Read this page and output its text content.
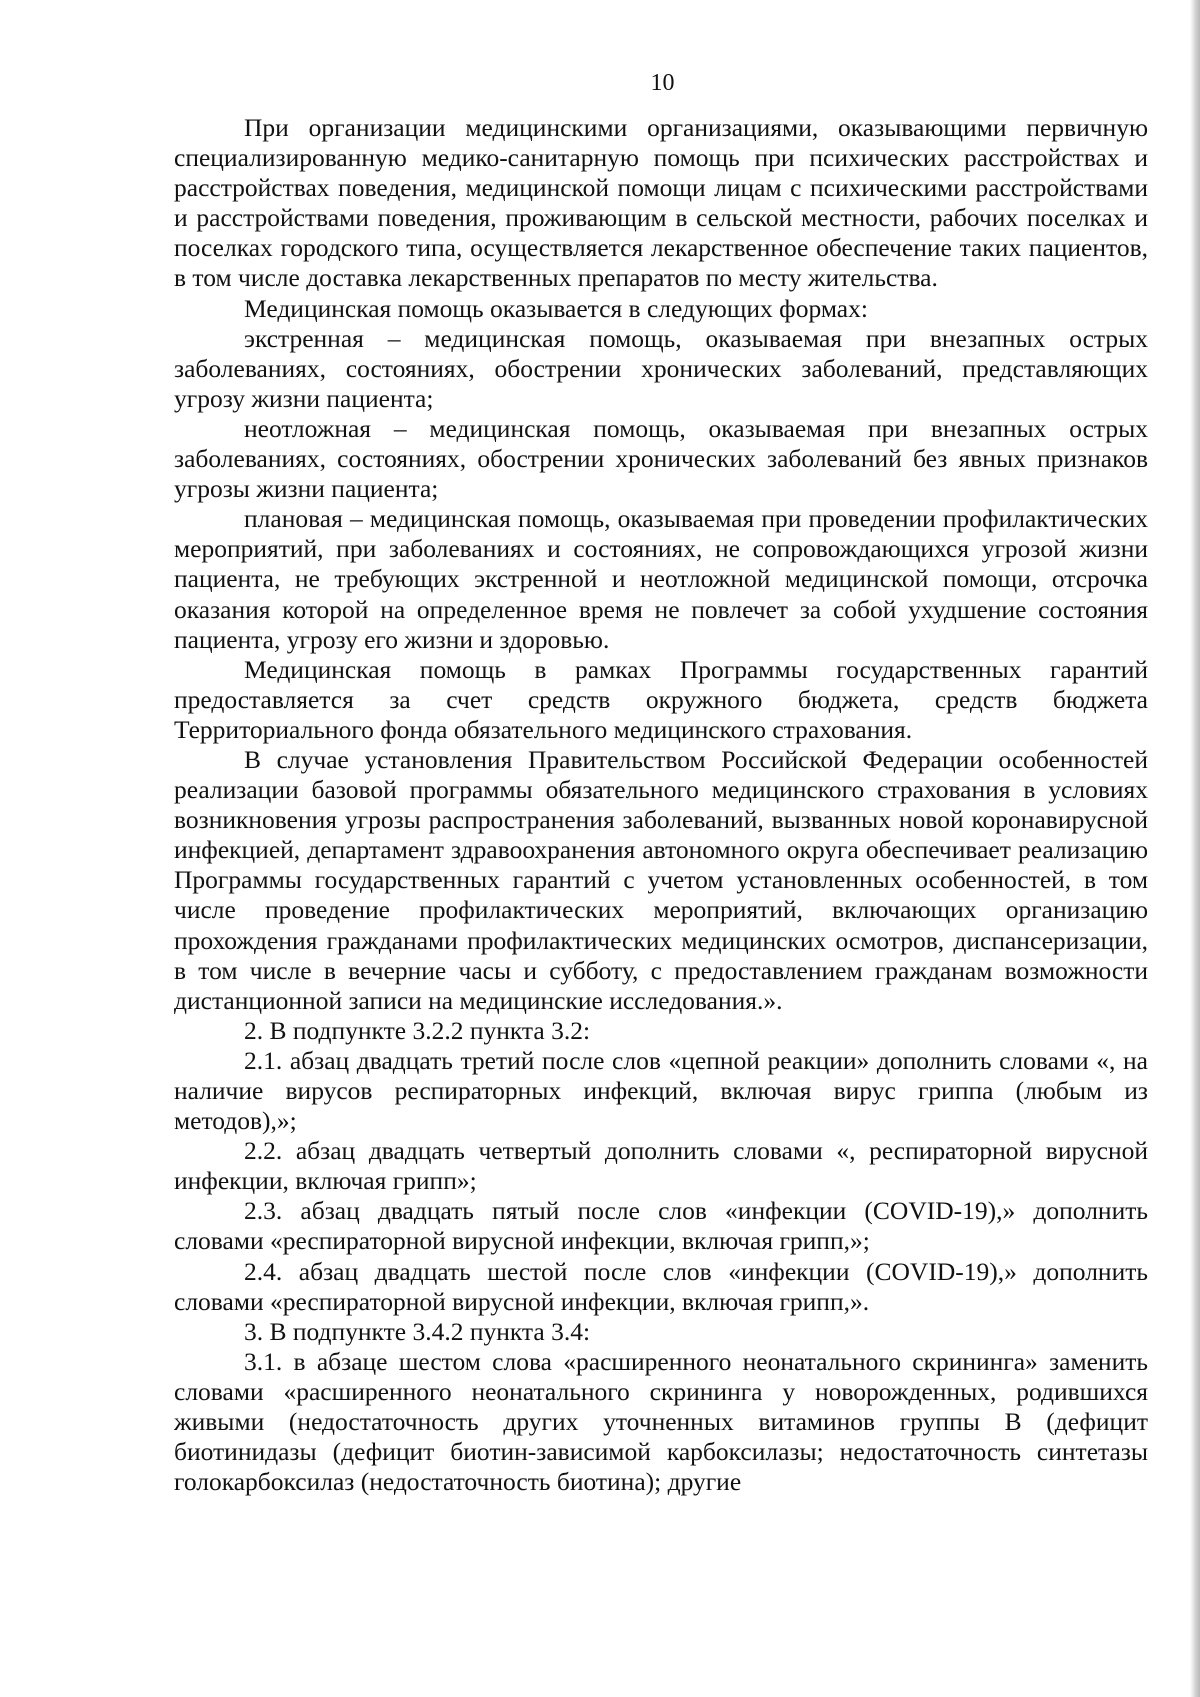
10

При организации медицинскими организациями, оказывающими первичную специализированную медико-санитарную помощь при психических расстройствах и расстройствах поведения, медицинской помощи лицам с психическими расстройствами и расстройствами поведения, проживающим в сельской местности, рабочих поселках и поселках городского типа, осуществляется лекарственное обеспечение таких пациентов, в том числе доставка лекарственных препаратов по месту жительства.

Медицинская помощь оказывается в следующих формах:

экстренная – медицинская помощь, оказываемая при внезапных острых заболеваниях, состояниях, обострении хронических заболеваний, представляющих угрозу жизни пациента;

неотложная – медицинская помощь, оказываемая при внезапных острых заболеваниях, состояниях, обострении хронических заболеваний без явных признаков угрозы жизни пациента;

плановая – медицинская помощь, оказываемая при проведении профилактических мероприятий, при заболеваниях и состояниях, не сопровождающихся угрозой жизни пациента, не требующих экстренной и неотложной медицинской помощи, отсрочка оказания которой на определенное время не повлечет за собой ухудшение состояния пациента, угрозу его жизни и здоровью.

Медицинская помощь в рамках Программы государственных гарантий предоставляется за счет средств окружного бюджета, средств бюджета Территориального фонда обязательного медицинского страхования.

В случае установления Правительством Российской Федерации особенностей реализации базовой программы обязательного медицинского страхования в условиях возникновения угрозы распространения заболеваний, вызванных новой коронавирусной инфекцией, департамент здравоохранения автономного округа обеспечивает реализацию Программы государственных гарантий с учетом установленных особенностей, в том числе проведение профилактических мероприятий, включающих организацию прохождения гражданами профилактических медицинских осмотров, диспансеризации, в том числе в вечерние часы и субботу, с предоставлением гражданам возможности дистанционной записи на медицинские исследования.».

2. В подпункте 3.2.2 пункта 3.2:

2.1. абзац двадцать третий после слов «цепной реакции» дополнить словами «, на наличие вирусов респираторных инфекций, включая вирус гриппа (любым из методов),»;

2.2. абзац двадцать четвертый дополнить словами «, респираторной вирусной инфекции, включая грипп»;

2.3. абзац двадцать пятый после слов «инфекции (COVID-19),» дополнить словами «респираторной вирусной инфекции, включая грипп,»;

2.4. абзац двадцать шестой после слов «инфекции (COVID-19),» дополнить словами «респираторной вирусной инфекции, включая грипп,».

3. В подпункте 3.4.2 пункта 3.4:

3.1. в абзаце шестом слова «расширенного неонатального скрининга» заменить словами «расширенного неонатального скрининга у новорожденных, родившихся живыми (недостаточность других уточненных витаминов группы В (дефицит биотинидазы (дефицит биотин-зависимой карбоксилазы; недостаточность синтетазы голокарбоксилаз (недостаточность биотина); другие
